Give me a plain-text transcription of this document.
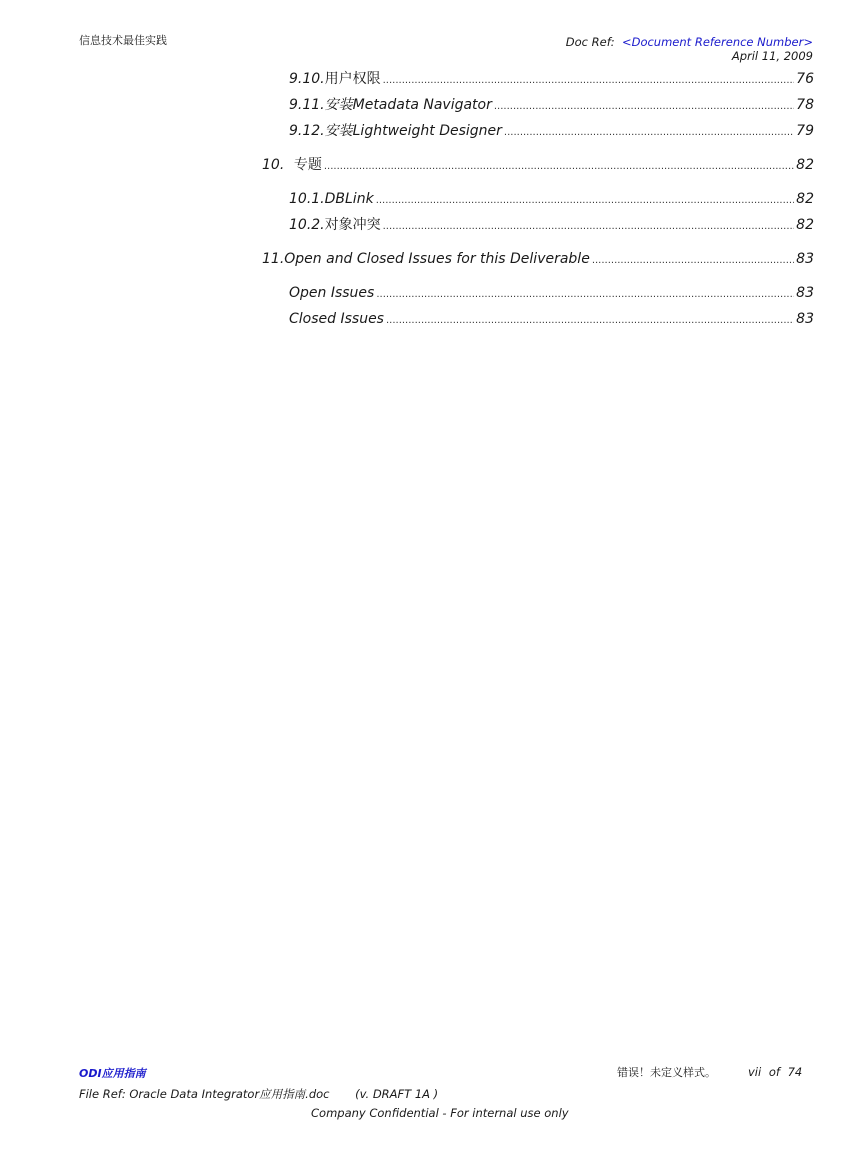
信息技术最佳实践	Doc Ref: <Document Reference Number>
April 11, 2009
9.10. 用户权限 .....	76
9.11. 安装Metadata Navigator .....	78
9.12. 安装Lightweight Designer .....	79
10. 专题 .....	82
10.1. DBLink .....	82
10.2. 对象冲突 .....	82
11. Open and Closed Issues for this Deliverable .....	83
Open Issues .....	83
Closed Issues .....	83
ODI应用指南	错误！未定义样式。	vii of 74
File Ref: Oracle Data Integrator应用指南.doc (v. DRAFT 1A )
Company Confidential - For internal use only
